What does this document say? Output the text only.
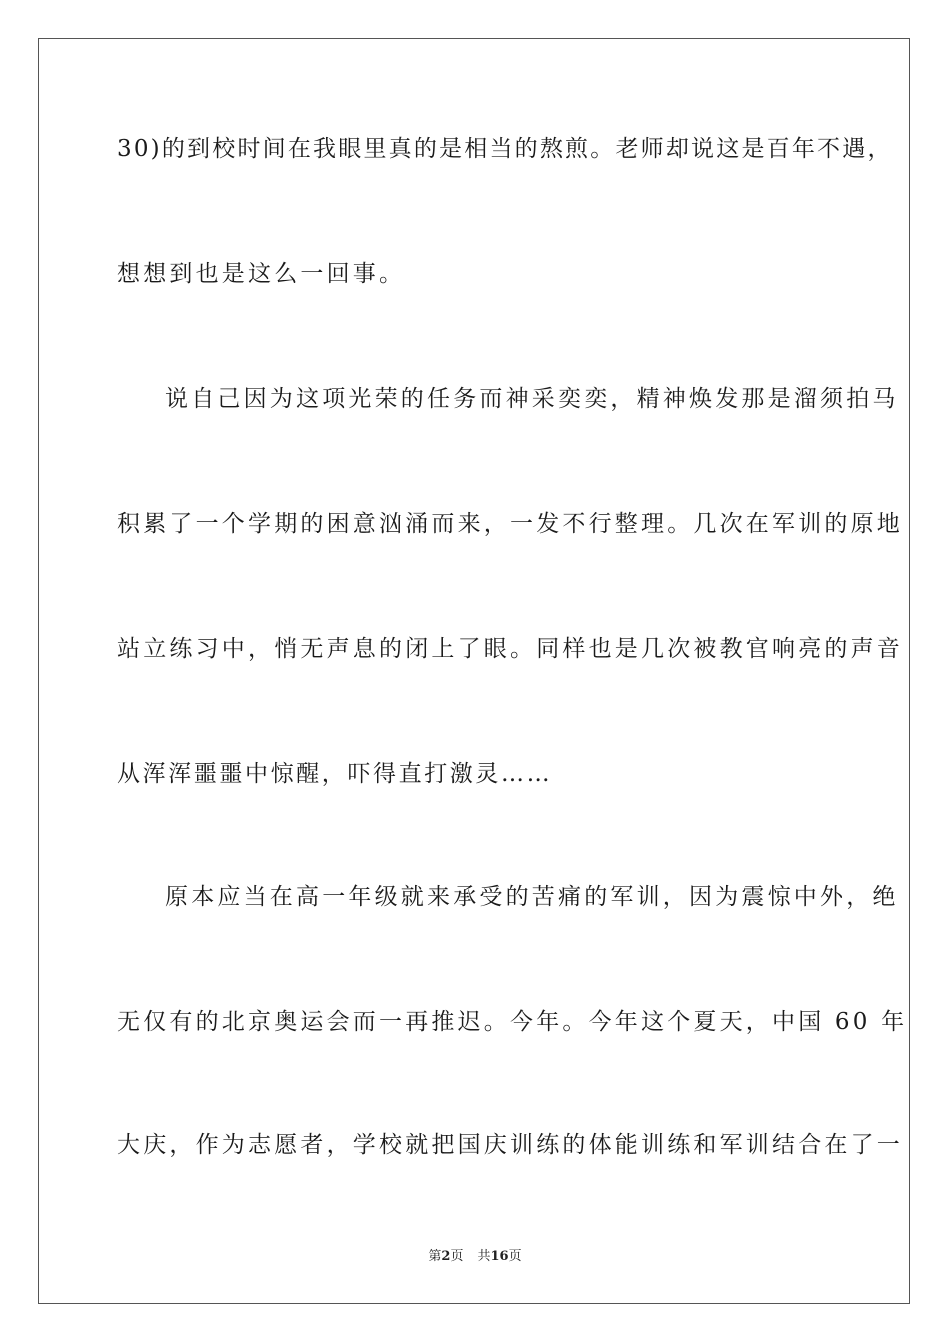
30)的到校时间在我眼里真的是相当的熬煎。老师却说这是百年不遇，

想想到也是这么一回事。

说自己因为这项光荣的任务而神采奕奕，精神焕发那是溜须拍马

积累了一个学期的困意汹涌而来，一发不行整理。几次在军训的原地

站立练习中，悄无声息的闭上了眼。同样也是几次被教官响亮的声音

从浑浑噩噩中惊醒，吓得直打激灵……

原本应当在高一年级就来承受的苦痛的军训，因为震惊中外，绝

无仅有的北京奥运会而一再推迟。今年。今年这个夏天，中国 60 年

大庆，作为志愿者，学校就把国庆训练的体能训练和军训结合在了一

第2页 共16页
